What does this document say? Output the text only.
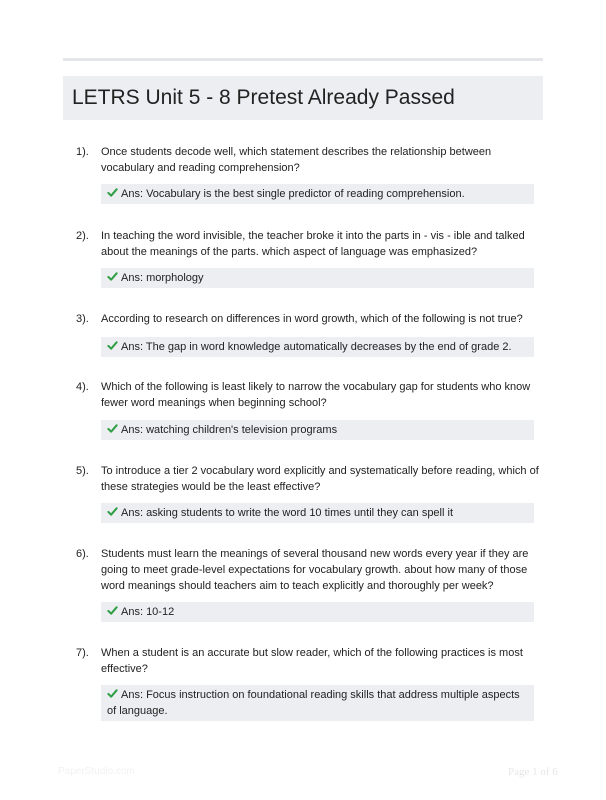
LETRS Unit 5 - 8 Pretest Already Passed
1). Once students decode well, which statement describes the relationship between vocabulary and reading comprehension?
Ans: Vocabulary is the best single predictor of reading comprehension.
2). In teaching the word invisible, the teacher broke it into the parts in - vis - ible and talked about the meanings of the parts. which aspect of language was emphasized?
Ans: morphology
3). According to research on differences in word growth, which of the following is not true?
Ans: The gap in word knowledge automatically decreases by the end of grade 2.
4). Which of the following is least likely to narrow the vocabulary gap for students who know fewer word meanings when beginning school?
Ans: watching children's television programs
5). To introduce a tier 2 vocabulary word explicitly and systematically before reading, which of these strategies would be the least effective?
Ans: asking students to write the word 10 times until they can spell it
6). Students must learn the meanings of several thousand new words every year if they are going to meet grade-level expectations for vocabulary growth. about how many of those word meanings should teachers aim to teach explicitly and thoroughly per week?
Ans: 10-12
7). When a student is an accurate but slow reader, which of the following practices is most effective?
Ans: Focus instruction on foundational reading skills that address multiple aspects of language.
PaperStudio.com	Page 1 of 6
